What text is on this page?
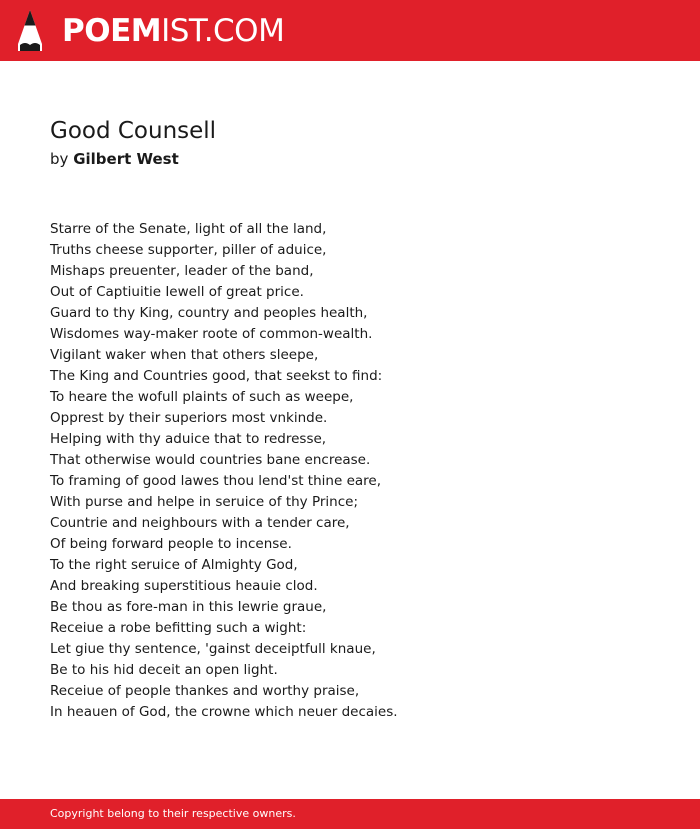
POEMIST.COM
Good Counsell
by Gilbert West
Starre of the Senate, light of all the land,
Truths cheese supporter, piller of aduice,
Mishaps preuenter, leader of the band,
Out of Captiuitie Iewell of great price.
Guard to thy King, country and peoples health,
Wisdomes way-maker roote of common-wealth.
Vigilant waker when that others sleepe,
The King and Countries good, that seekst to find:
To heare the wofull plaints of such as weepe,
Opprest by their superiors most vnkinde.
Helping with thy aduice that to redresse,
That otherwise would countries bane encrease.
To framing of good lawes thou lend'st thine eare,
With purse and helpe in seruice of thy Prince;
Countrie and neighbours with a tender care,
Of being forward people to incense.
To the right seruice of Almighty God,
And breaking superstitious heauie clod.
Be thou as fore-man in this Iewrie graue,
Receiue a robe befitting such a wight:
Let giue thy sentence, 'gainst deceiptfull knaue,
Be to his hid deceit an open light.
Receiue of people thankes and worthy praise,
In heauen of God, the crowne which neuer decaies.
Copyright belong to their respective owners.
